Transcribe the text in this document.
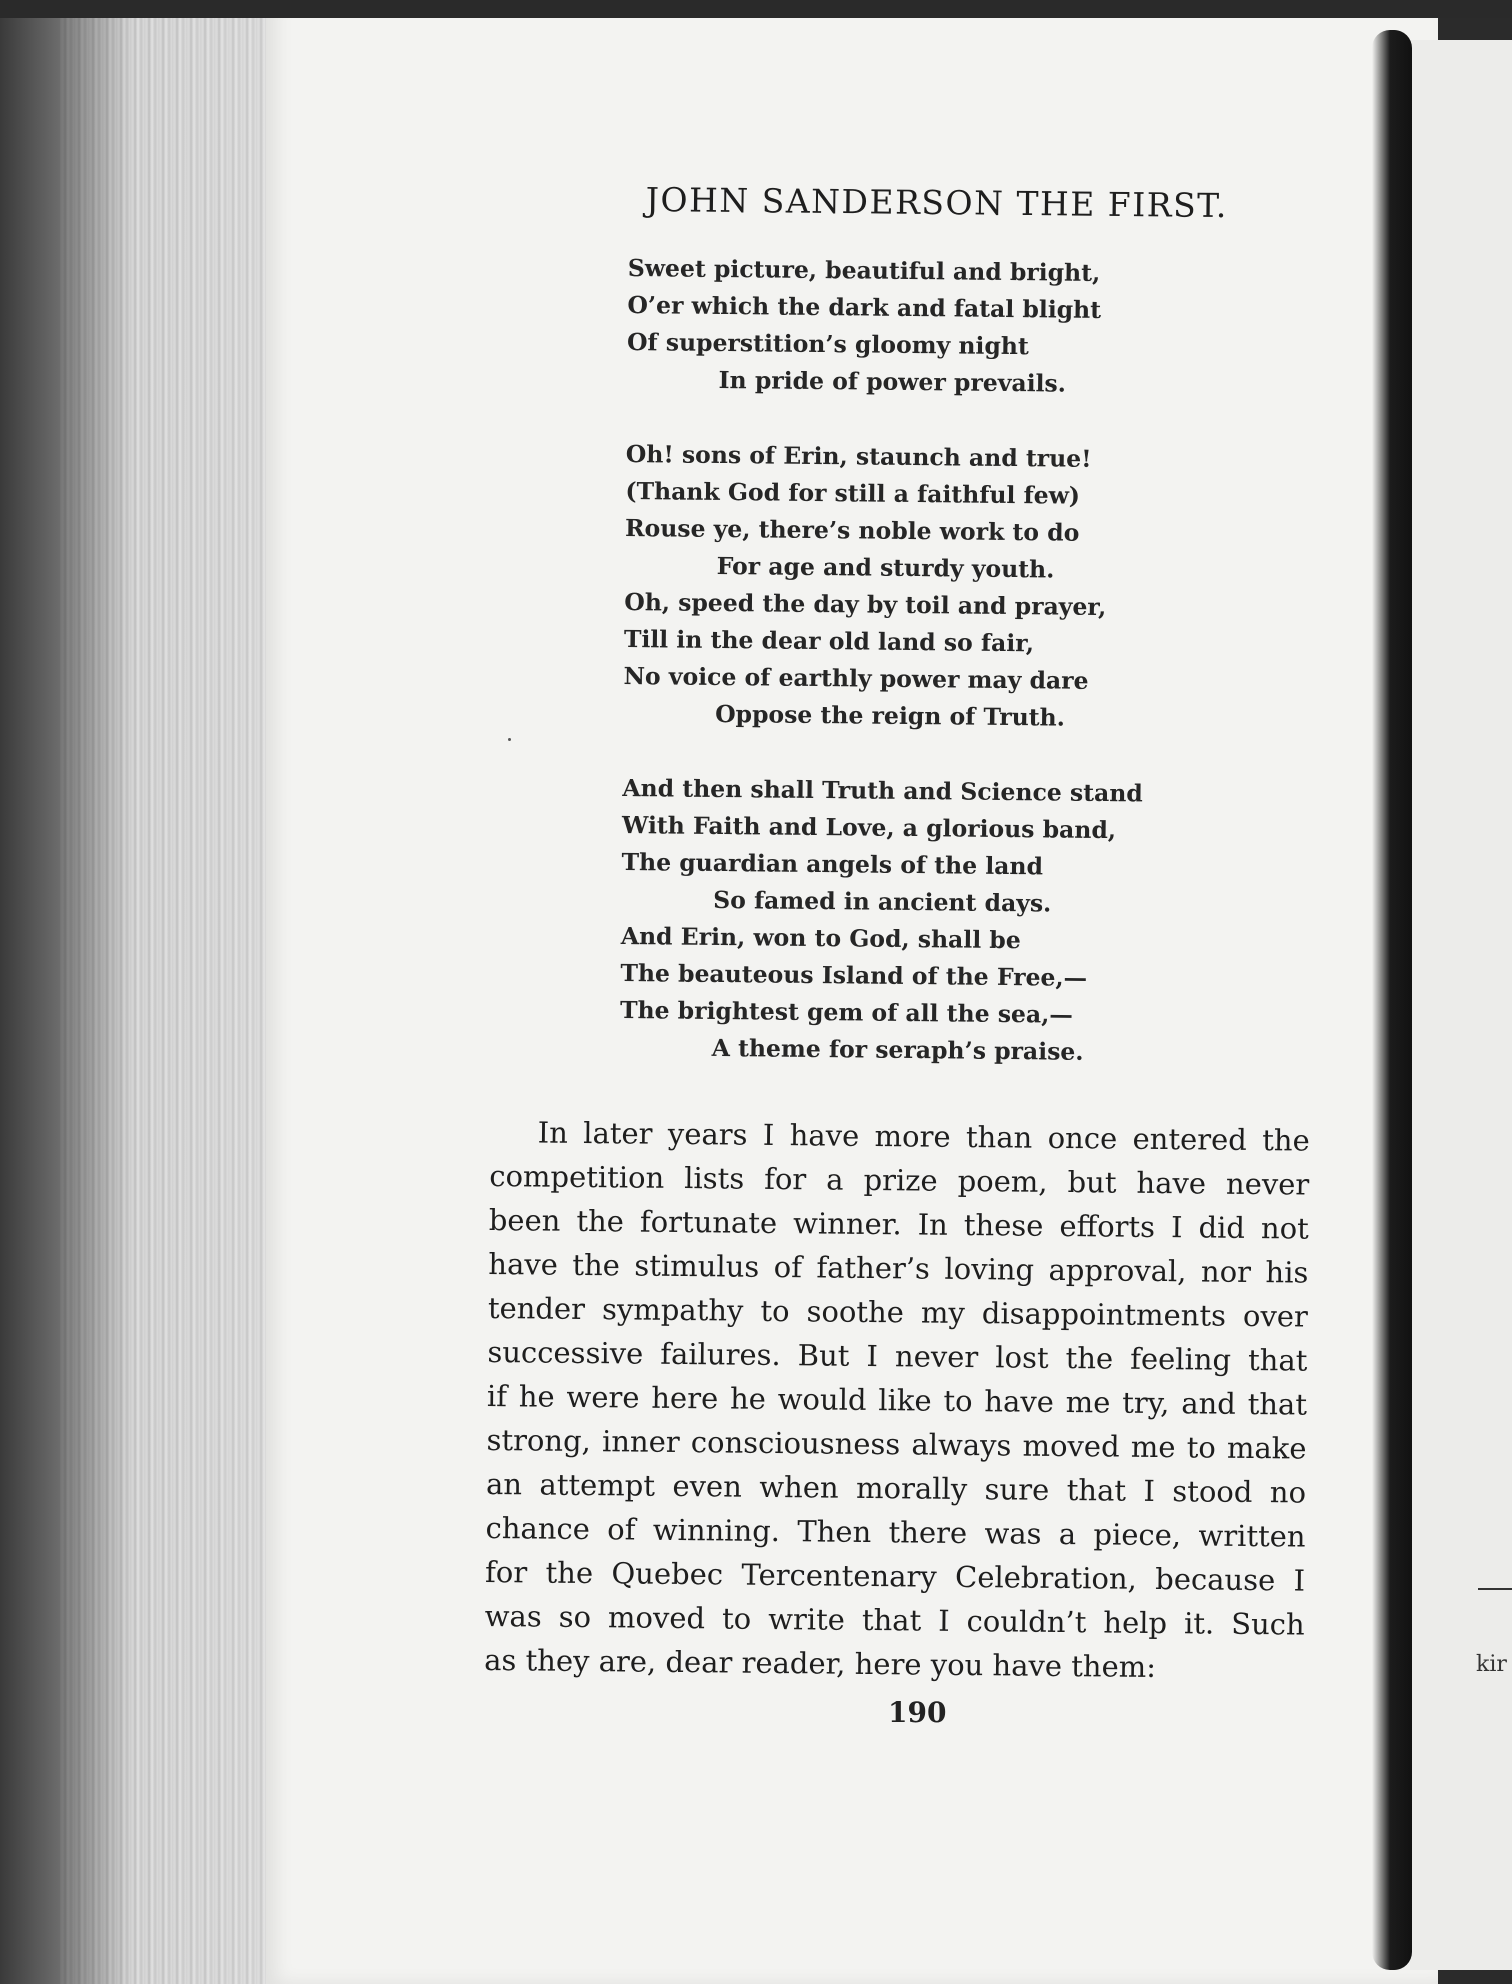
kir
JOHN SANDERSON THE FIRST.
Sweet picture, beautiful and bright,
O’er which the dark and fatal blight
Of superstition’s gloomy night
In pride of power prevails.
Oh! sons of Erin, staunch and true!
(Thank God for still a faithful few)
Rouse ye, there’s noble work to do
For age and sturdy youth.
Oh, speed the day by toil and prayer,
Till in the dear old land so fair,
No voice of earthly power may dare
Oppose the reign of Truth.
And then shall Truth and Science stand
With Faith and Love, a glorious band,
The guardian angels of the land
So famed in ancient days.
And Erin, won to God, shall be
The beauteous Island of the Free,—
The brightest gem of all the sea,—
A theme for seraph’s praise.
In later years I have more than once entered the
competition lists for a prize poem, but have never
been the fortunate winner. In these efforts I did not
have the stimulus of father’s loving approval, nor his
tender sympathy to soothe my disappointments over
successive failures. But I never lost the feeling that
if he were here he would like to have me try, and that
strong, inner consciousness always moved me to make
an attempt even when morally sure that I stood no
chance of winning. Then there was a piece, written
for the Quebec Tercentenary Celebration, because I
was so moved to write that I couldn’t help it. Such
as they are, dear reader, here you have them:
190
